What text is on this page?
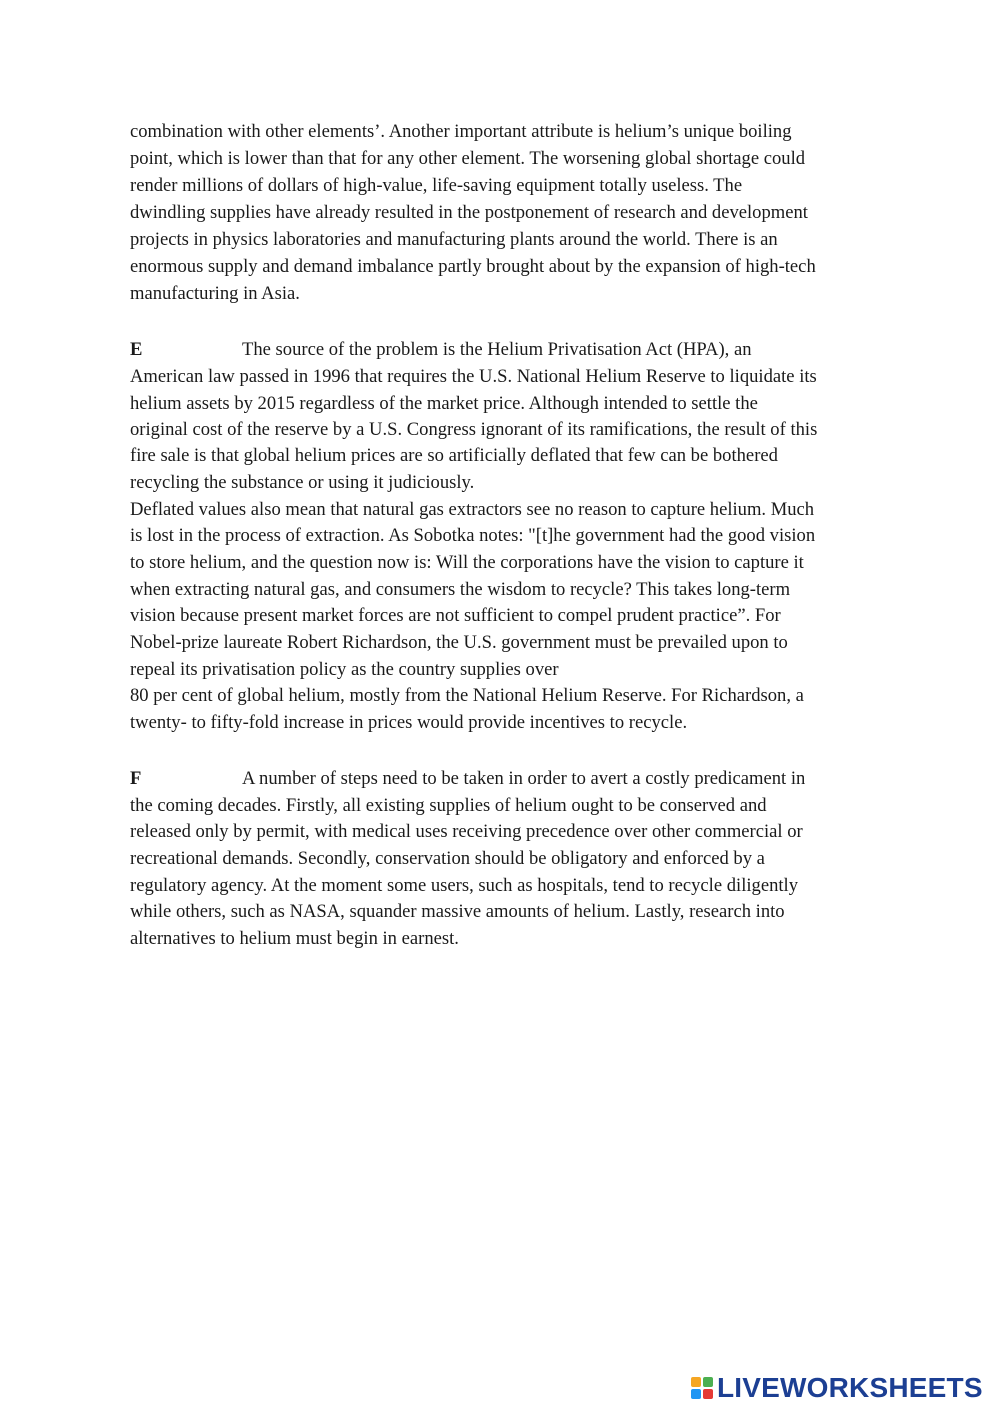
combination with other elements’. Another important attribute is helium’s unique boiling
point, which is lower than that for any other element. The worsening global shortage could
render millions of dollars of high-value, life-saving equipment totally useless. The
dwindling supplies have already resulted in the postponement of research and development
projects in physics laboratories and manufacturing plants around the world. There is an
enormous supply and demand imbalance partly brought about by the expansion of high-tech
manufacturing in Asia.
E	The source of the problem is the Helium Privatisation Act (HPA), an
American law passed in 1996 that requires the U.S. National Helium Reserve to liquidate its
helium assets by 2015 regardless of the market price. Although intended to settle the
original cost of the reserve by a U.S. Congress ignorant of its ramifications, the result of this
fire sale is that global helium prices are so artificially deflated that few can be bothered
recycling the substance or using it judiciously.
Deflated values also mean that natural gas extractors see no reason to capture helium. Much
is lost in the process of extraction. As Sobotka notes: "[t]he government had the good vision
to store helium, and the question now is: Will the corporations have the vision to capture it
when extracting natural gas, and consumers the wisdom to recycle? This takes long-term
vision because present market forces are not sufficient to compel prudent practice”. For
Nobel-prize laureate Robert Richardson, the U.S. government must be prevailed upon to
repeal its privatisation policy as the country supplies over
80 per cent of global helium, mostly from the National Helium Reserve. For Richardson, a
twenty- to fifty-fold increase in prices would provide incentives to recycle.
F	A number of steps need to be taken in order to avert a costly predicament in
the coming decades. Firstly, all existing supplies of helium ought to be conserved and
released only by permit, with medical uses receiving precedence over other commercial or
recreational demands. Secondly, conservation should be obligatory and enforced by a
regulatory agency. At the moment some users, such as hospitals, tend to recycle diligently
while others, such as NASA, squander massive amounts of helium. Lastly, research into
alternatives to helium must begin in earnest.
LIVEWORKSHEETS
